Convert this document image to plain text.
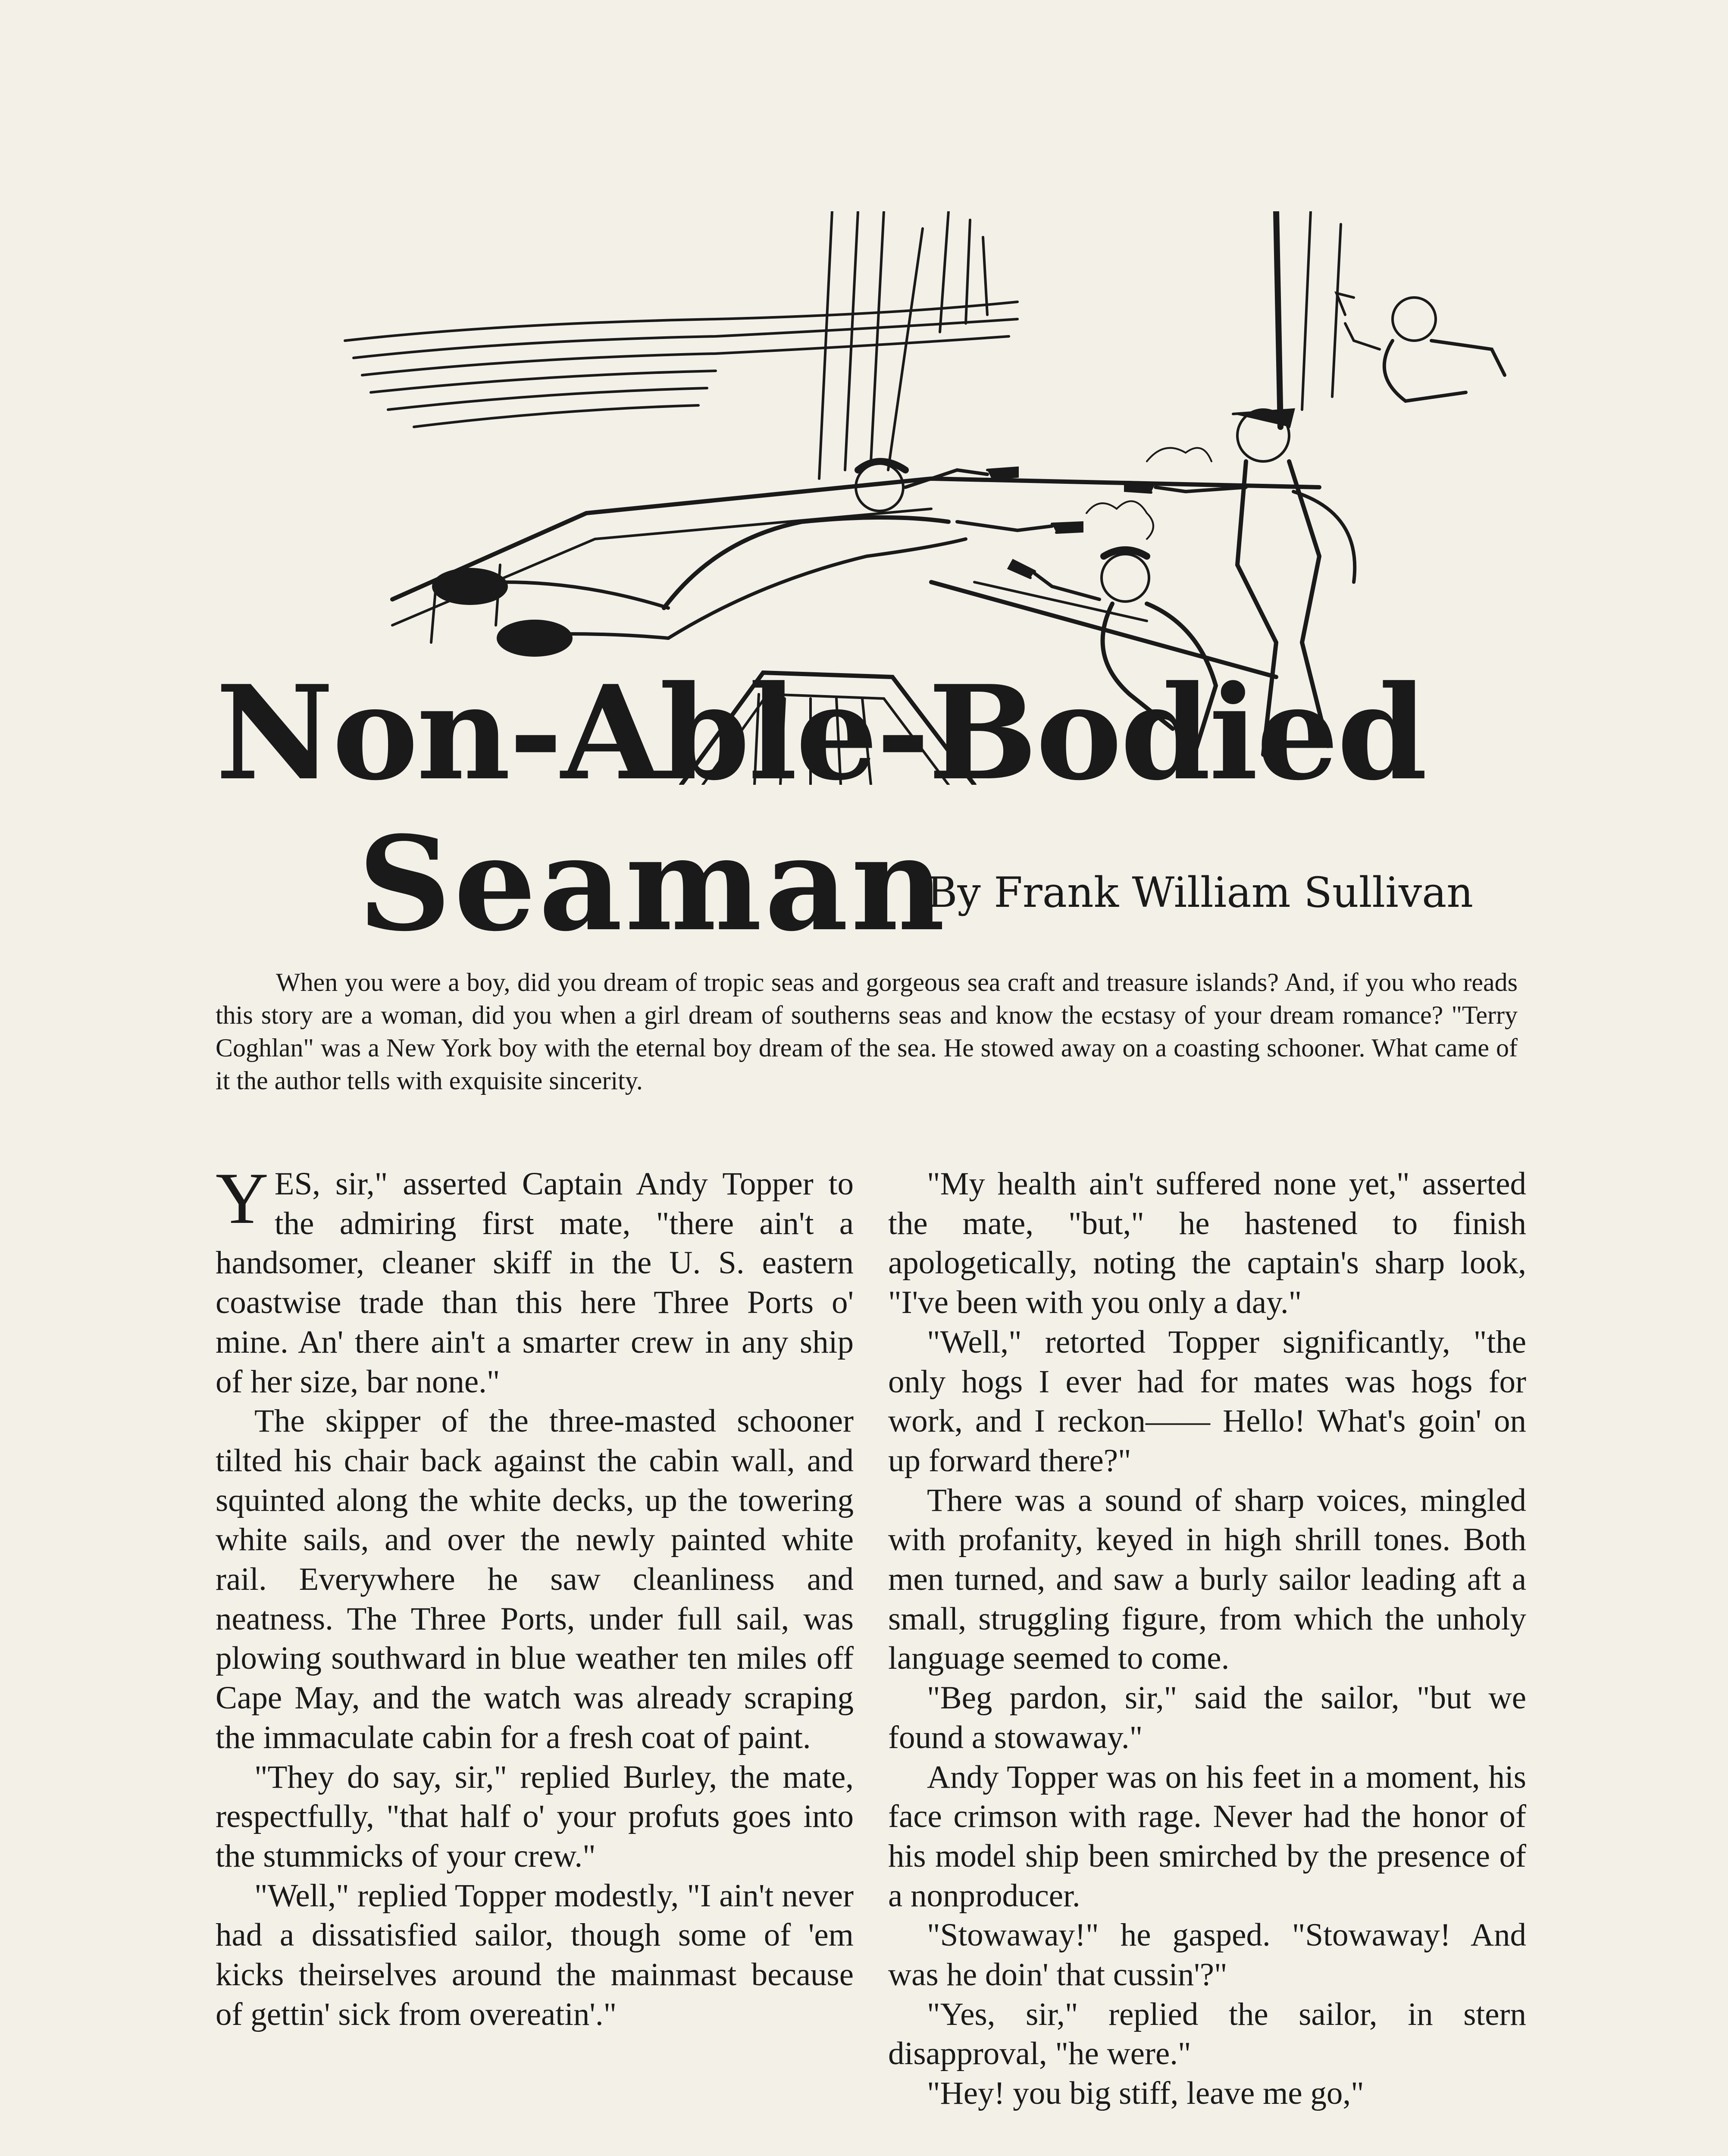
Non-Able-Bodied
Seaman
By Frank William Sullivan
When you were a boy, did you dream of tropic seas and gorgeous sea craft and treasure islands? And, if you who reads this story are a woman, did you when a girl dream of southerns seas and know the ecstasy of your dream romance? "Terry Coghlan" was a New York boy with the eternal boy dream of the sea. He stowed away on a coasting schooner. What came of it the author tells with exquisite sincerity.

YES, sir," asserted Captain Andy Topper to the admiring first mate, "there ain't a handsomer, cleaner skiff in the U. S. eastern coastwise trade than this here Three Ports o' mine. An' there ain't a smarter crew in any ship of her size, bar none."

The skipper of the three-masted schooner tilted his chair back against the cabin wall, and squinted along the white decks, up the towering white sails, and over the newly painted white rail. Everywhere he saw cleanliness and neatness. The Three Ports, under full sail, was plowing southward in blue weather ten miles off Cape May, and the watch was already scraping the immaculate cabin for a fresh coat of paint.

"They do say, sir," replied Burley, the mate, respectfully, "that half o' your profuts goes into the stummicks of your crew."

"Well," replied Topper modestly, "I ain't never had a dissatisfied sailor, though some of 'em kicks theirselves around the mainmast because of gettin' sick from overeatin'."

"My health ain't suffered none yet," asserted the mate, "but," he hastened to finish apologetically, noting the captain's sharp look, "I've been with you only a day."

"Well," retorted Topper significantly, "the only hogs I ever had for mates was hogs for work, and I reckon—— Hello! What's goin' on up forward there?"

There was a sound of sharp voices, mingled with profanity, keyed in high shrill tones. Both men turned, and saw a burly sailor leading aft a small, struggling figure, from which the unholy language seemed to come.

"Beg pardon, sir," said the sailor, "but we found a stowaway."

Andy Topper was on his feet in a moment, his face crimson with rage. Never had the honor of his model ship been smirched by the presence of a nonproducer.

"Stowaway!" he gasped. "Stowaway! And was he doin' that cussin'?"

"Yes, sir," replied the sailor, in stern disapproval, "he were."

"Hey! you big stiff, leave me go,"
